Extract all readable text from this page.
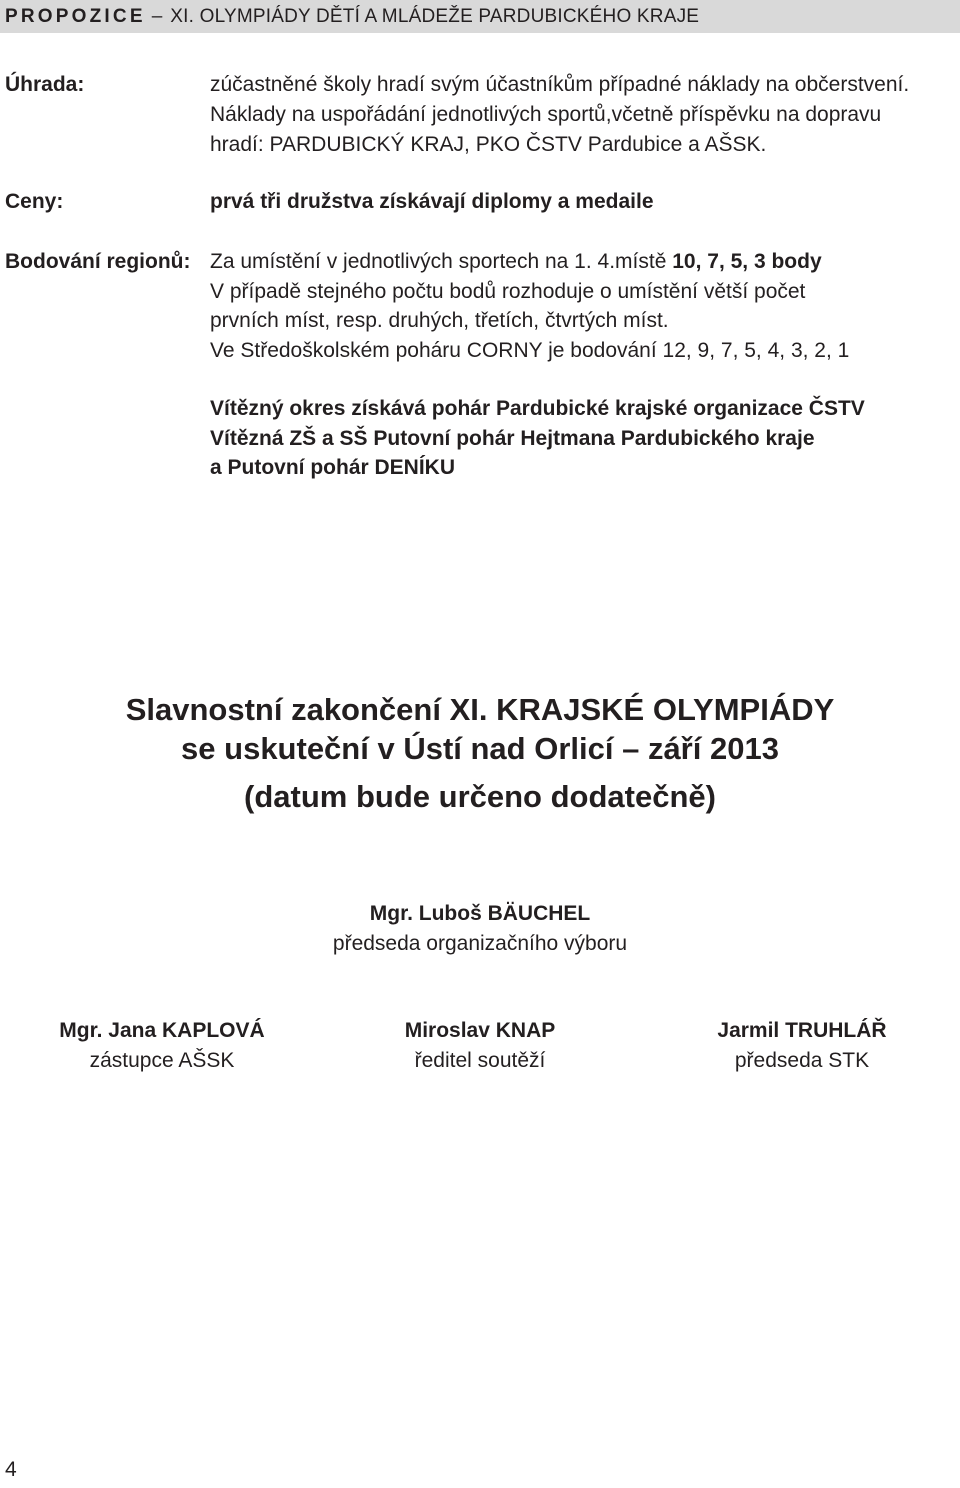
PROPOZICE – XI. OLYMPIÁDY DĚTÍ A MLÁDEŽE PARDUBICKÉHO KRAJE
Úhrada:	zúčastněné školy hradí svým účastníkům případné náklady na občerstvení.
Náklady na uspořádání jednotlivých sportů,včetně příspěvku na dopravu
hradí: PARDUBICKÝ KRAJ, PKO ČSTV Pardubice a AŠSK.
Ceny:	prvá tři družstva získávají diplomy a medaile
Bodování regionů: Za umístění v jednotlivých sportech na 1. 4.místě 10, 7, 5, 3 body
V případě stejného počtu bodů rozhoduje o umístění větší počet
prvních míst, resp. druhých, třetích, čtvrtých míst.
Ve Středoškolském poháru CORNY je bodování 12, 9, 7, 5, 4, 3, 2, 1
Vítězný okres získává pohár Pardubické krajské organizace ČSTV
Vítězná ZŠ a SŠ Putovní pohár Hejtmana Pardubického kraje
a Putovní pohár DENÍKU
Slavnostní zakončení XI. KRAJSKÉ OLYMPIÁDY
se uskuteční v Ústí nad Orlicí – září 2013
(datum bude určeno dodatečně)
Mgr. Luboš BÄUCHEL
předseda organizačního výboru
Mgr. Jana KAPLOVÁ
zástupce AŠSK
Miroslav KNAP
ředitel soutěží
Jarmil TRUHLÁŘ
předseda STK
4
